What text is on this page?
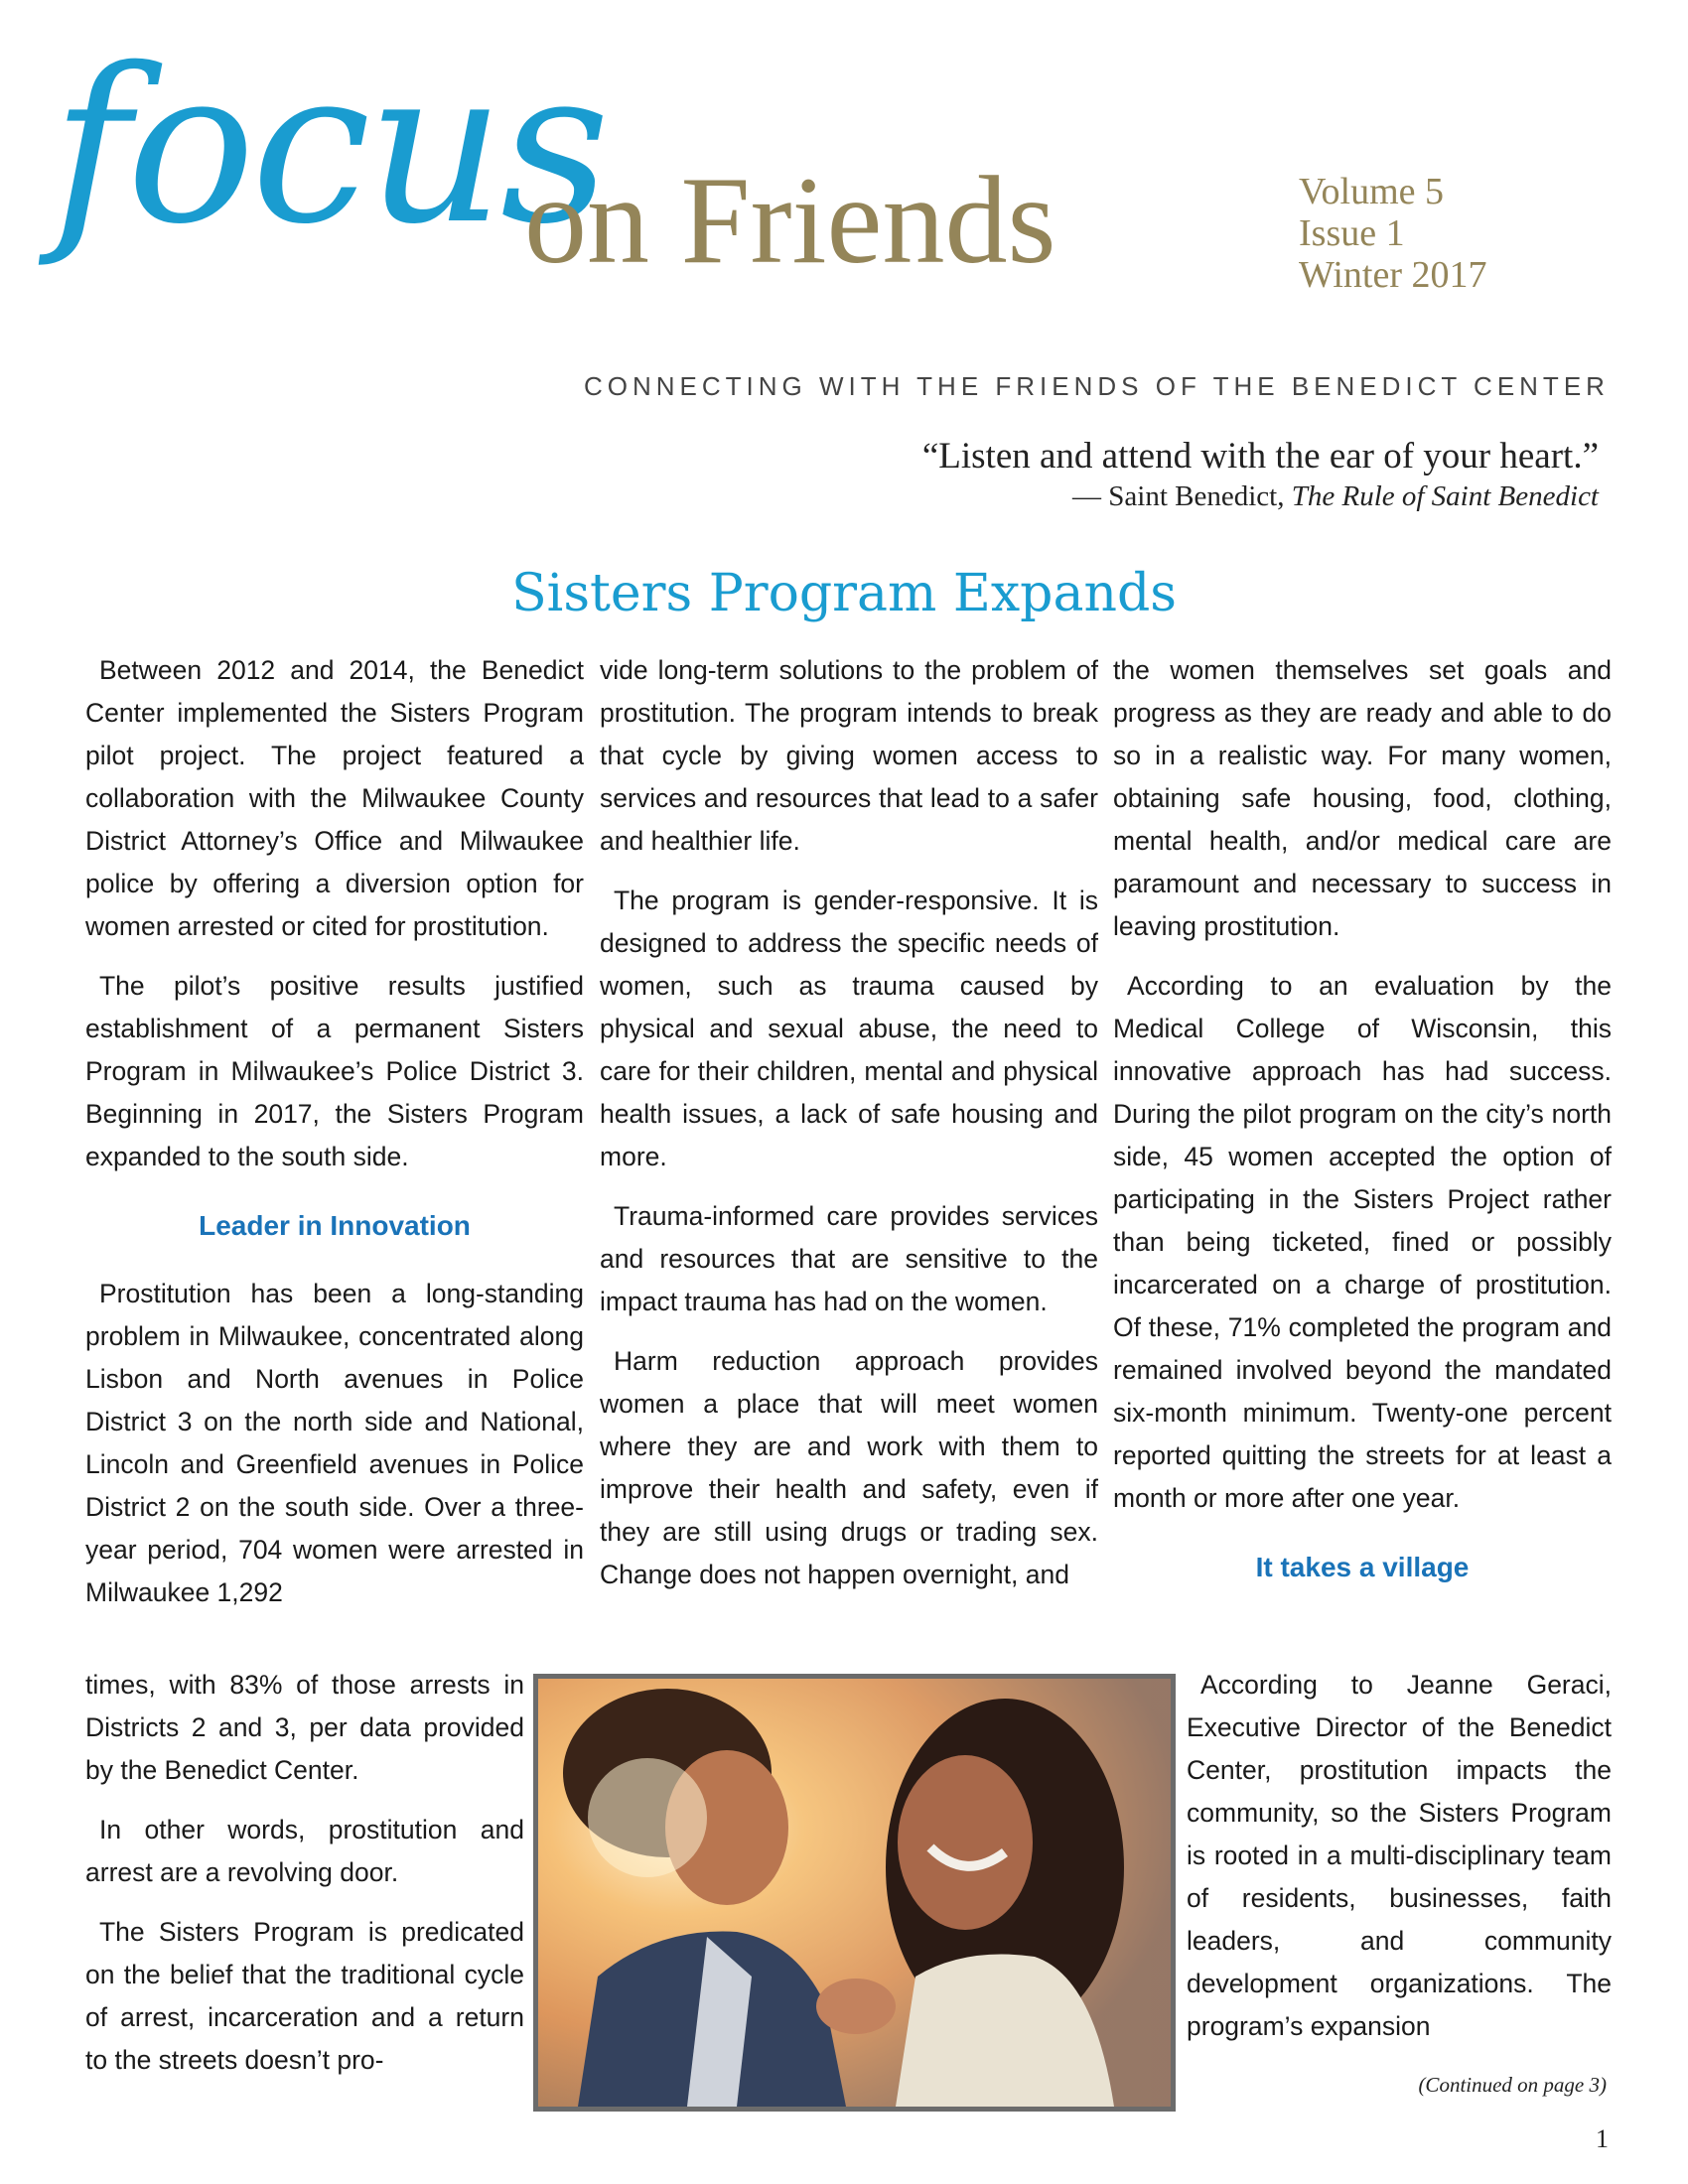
focus
on Friends	Volume 5
Issue 1
Winter 2017
CONNECTING WITH THE FRIENDS OF THE BENEDICT CENTER
“Listen and attend with the ear of your heart.”
— Saint Benedict, The Rule of Saint Benedict
Sisters Program Expands

Between 2012 and 2014, the Benedict Center implemented the Sisters Program pilot project. The project featured a collaboration with the Milwaukee County District Attorney’s Office and Milwaukee police by offering a diversion option for women arrested or cited for prostitution.

The pilot’s positive results justified establishment of a permanent Sisters Program in Milwaukee’s Police District 3. Beginning in 2017, the Sisters Program expanded to the south side.

Leader in Innovation

Prostitution has been a long-standing problem in Milwaukee, concentrated along Lisbon and North avenues in Police District 3 on the north side and National, Lincoln and Greenfield avenues in Police District 2 on the south side. Over a three-year period, 704 women were arrested in Milwaukee 1,292

times, with 83% of those arrests in Districts 2 and 3, per data provided by the Benedict Center.

In other words, prostitution and arrest are a revolving door.

The Sisters Program is predicated on the belief that the traditional cycle of arrest, incarceration and a return to the streets doesn’t pro-

vide long-term solutions to the problem of prostitution. The program intends to break that cycle by giving women access to services and resources that lead to a safer and healthier life.

The program is gender-responsive. It is designed to address the specific needs of women, such as trauma caused by physical and sexual abuse, the need to care for their children, mental and physical health issues, a lack of safe housing and more.

Trauma-informed care provides services and resources that are sensitive to the impact trauma has had on the women.

Harm reduction approach provides women a place that will meet women where they are and work with them to improve their health and safety, even if they are still using drugs or trading sex. Change does not happen overnight, and

the women themselves set goals and progress as they are ready and able to do so in a realistic way. For many women, obtaining safe housing, food, clothing, mental health, and/or medical care are paramount and necessary to success in leaving prostitution.

According to an evaluation by the Medical College of Wisconsin, this innovative approach has had success. During the pilot program on the city’s north side, 45 women accepted the option of participating in the Sisters Project rather than being ticketed, fined or possibly incarcerated on a charge of prostitution. Of these, 71% completed the program and remained involved beyond the mandated six-month minimum. Twenty-one percent reported quitting the streets for at least a month or more after one year.

It takes a village

According to Jeanne Geraci, Executive Director of the Benedict Center, prostitution impacts the community, so the Sisters Program is rooted in a multi-disciplinary team of residents, businesses, faith leaders, and community development organizations. The program’s expansion

(Continued on page 3)
1
